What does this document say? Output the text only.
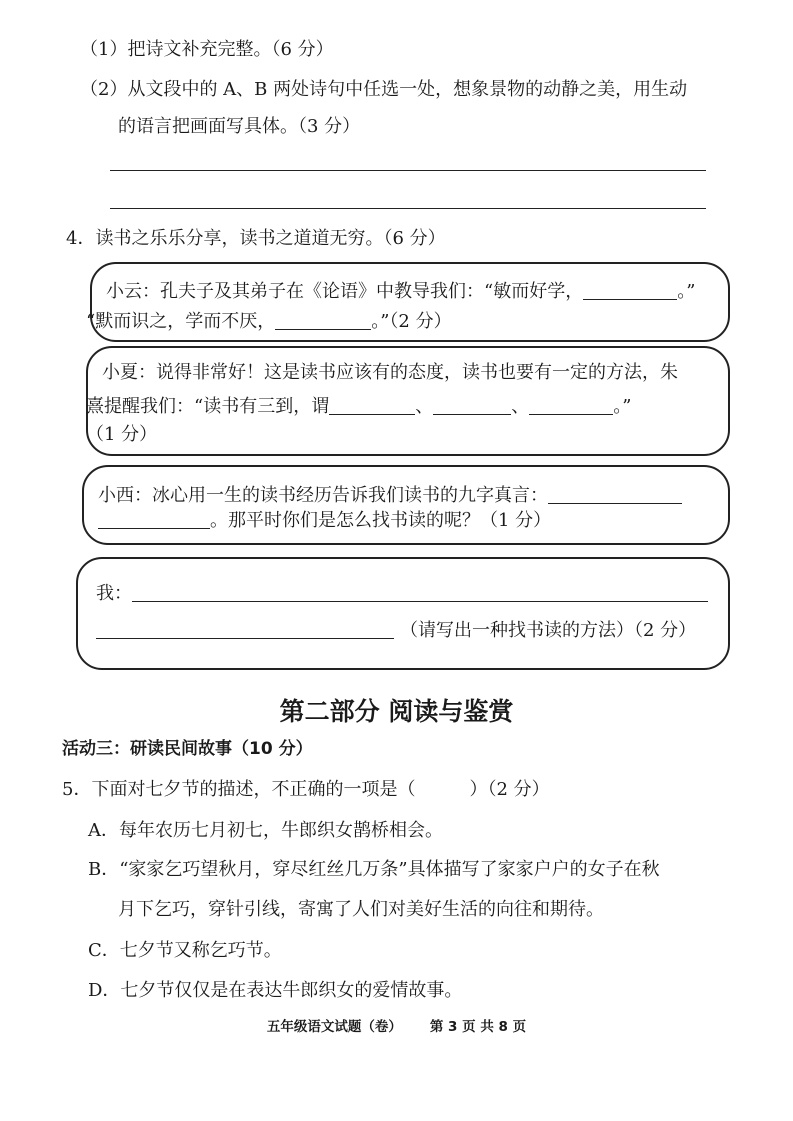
（1）把诗文补充完整。（6 分）
（2）从文段中的 A、B 两处诗句中任选一处，想象景物的动静之美，用生动
的语言把画面写具体。（3 分）
4．读书之乐乐分享，读书之道道无穷。（6 分）
小云：孔夫子及其弟子在《论语》中教导我们：“敏而好学，	。”
“默而识之，学而不厌，	。”（2 分）
小夏：说得非常好！这是读书应该有的态度，读书也要有一定的方法，朱
熹提醒我们：“读书有三到，谓	、	、	。”
（1 分）
小西：冰心用一生的读书经历告诉我们读书的九字真言：
。那平时你们是怎么找书读的呢？（1 分）
我：
（请写出一种找书读的方法）（2 分）
第二部分 阅读与鉴赏
活动三：研读民间故事（10 分）
5．下面对七夕节的描述，不正确的一项是（	）（2 分）
A．每年农历七月初七，牛郎织女鹊桥相会。
B．“家家乞巧望秋月，穿尽红丝几万条”具体描写了家家户户的女子在秋
月下乞巧，穿针引线，寄寓了人们对美好生活的向往和期待。
C．七夕节又称乞巧节。
D．七夕节仅仅是在表达牛郎织女的爱情故事。
五年级语文试题（卷） 第 3 页 共 8 页
